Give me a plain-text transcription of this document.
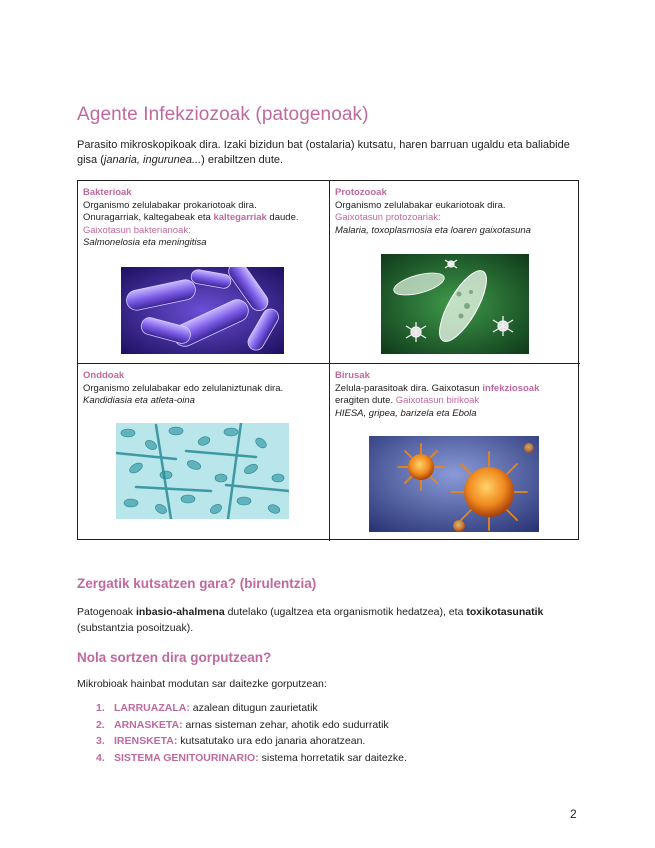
Agente Infekziozoak (patogenoak)

Parasito mikroskopikoak dira. Izaki bizidun bat (ostalaria) kutsatu, haren barruan ugaldu eta baliabide gisa (janaria, ingurunea...) erabiltzen dute.

Bakterioak
Organismo zelulabakar prokariotoak dira.
Onuragarriak, kaltegabeak eta kaltegarriak daude.
Gaixotasun bakterianoak:
Salmonelosia eta meningitisa
Protozooak
Organismo zelulabakar eukariotoak dira.
Gaixotasun protozoariak:
Malaria, toxoplasmosia eta loaren gaixotasuna
Onddoak
Organismo zelulabakar edo zelulaniztunak dira.
Kandidiasia eta atleta-oina
Birusak
Zelula-parasitoak dira. Gaixotasun infekziosoak
eragiten dute. Gaixotasun birikoak
HIESA, gripea, barizela eta Ebola
Zergatik kutsatzen gara? (birulentzia)

Patogenoak inbasio-ahalmena dutelako (ugaltzea eta organismotik hedatzea), eta toxikotasunatik (substantzia posoitzuak).

Nola sortzen dira gorputzean?

Mikrobioak hainbat modutan sar daitezke gorputzean:

1. LARRUAZALA: azalean ditugun zaurietatik
2. ARNASKETA: arnas sisteman zehar, ahotik edo sudurratik
3. IRENSKETA: kutsatutako ura edo janaria ahoratzean.
4. SISTEMA GENITOURINARIO: sistema horretatik sar daitezke.
2
